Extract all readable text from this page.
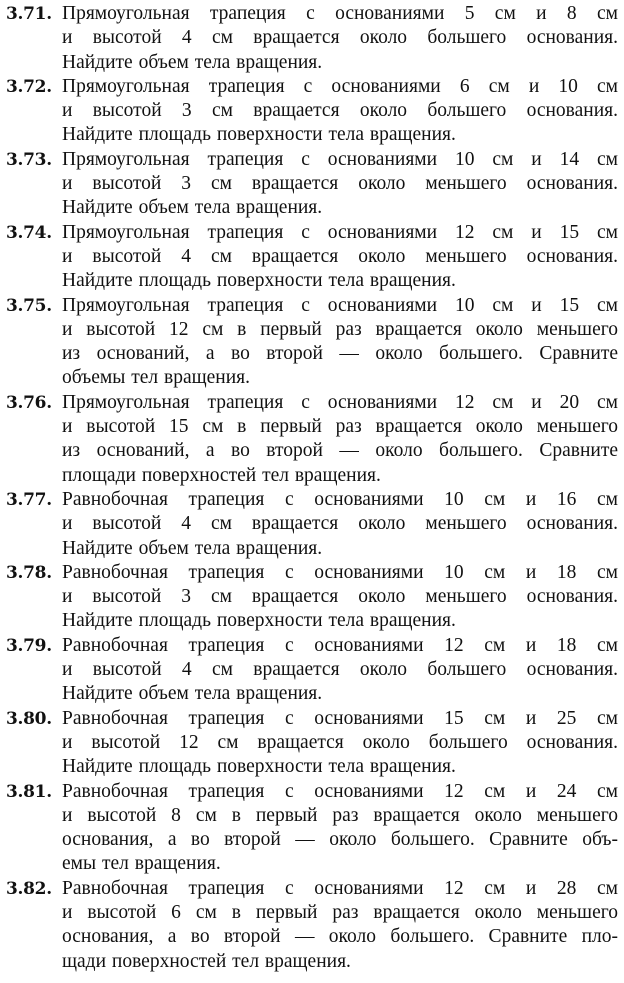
3.71. Прямоугольная трапеция с основаниями 5 см и 8 см
и высотой 4 см вращается около большего основания.
Найдите объем тела вращения.
3.72. Прямоугольная трапеция с основаниями 6 см и 10 см
и высотой 3 см вращается около большего основания.
Найдите площадь поверхности тела вращения.
3.73. Прямоугольная трапеция с основаниями 10 см и 14 см
и высотой 3 см вращается около меньшего основания.
Найдите объем тела вращения.
3.74. Прямоугольная трапеция с основаниями 12 см и 15 см
и высотой 4 см вращается около меньшего основания.
Найдите площадь поверхности тела вращения.
3.75. Прямоугольная трапеция с основаниями 10 см и 15 см
и высотой 12 см в первый раз вращается около меньшего
из оснований, а во второй — около большего. Сравните
объемы тел вращения.
3.76. Прямоугольная трапеция с основаниями 12 см и 20 см
и высотой 15 см в первый раз вращается около меньшего
из оснований, а во второй — около большего. Сравните
площади поверхностей тел вращения.
3.77. Равнобочная трапеция с основаниями 10 см и 16 см
и высотой 4 см вращается около меньшего основания.
Найдите объем тела вращения.
3.78. Равнобочная трапеция с основаниями 10 см и 18 см
и высотой 3 см вращается около меньшего основания.
Найдите площадь поверхности тела вращения.
3.79. Равнобочная трапеция с основаниями 12 см и 18 см
и высотой 4 см вращается около большего основания.
Найдите объем тела вращения.
3.80. Равнобочная трапеция с основаниями 15 см и 25 см
и высотой 12 см вращается около большего основания.
Найдите площадь поверхности тела вращения.
3.81. Равнобочная трапеция с основаниями 12 см и 24 см
и высотой 8 см в первый раз вращается около меньшего
основания, а во второй — около большего. Сравните объ-
емы тел вращения.
3.82. Равнобочная трапеция с основаниями 12 см и 28 см
и высотой 6 см в первый раз вращается около меньшего
основания, а во второй — около большего. Сравните пло-
щади поверхностей тел вращения.
